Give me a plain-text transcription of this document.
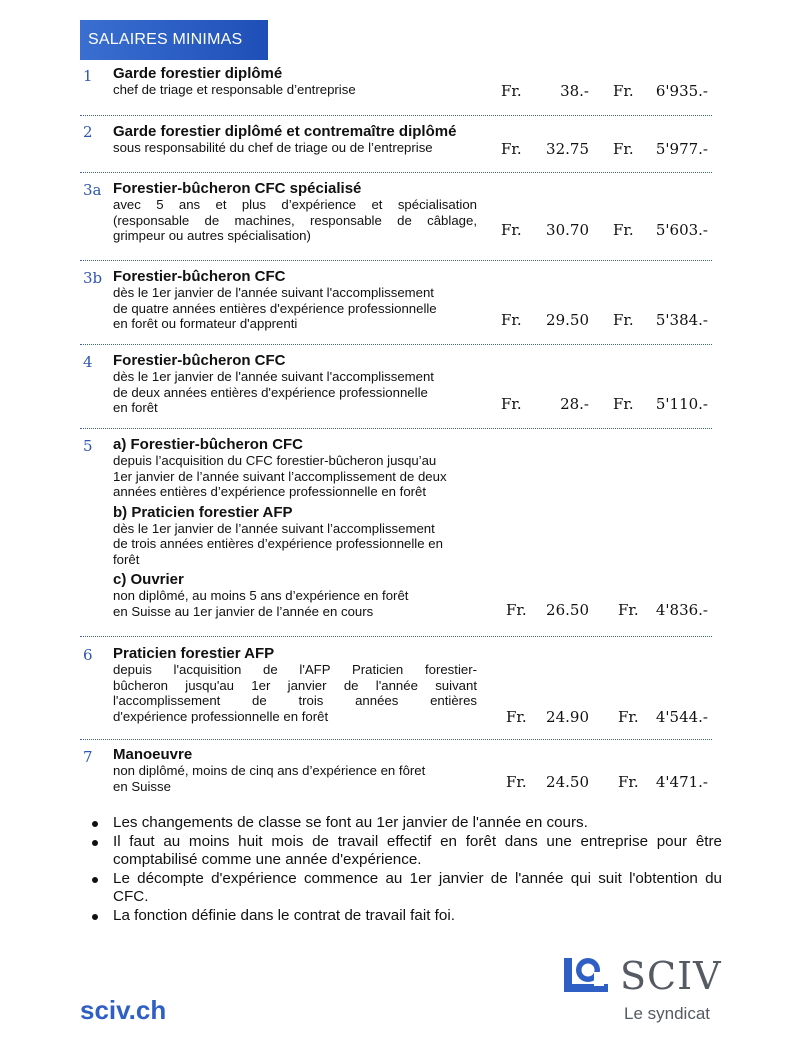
SALAIRES MINIMAS
1	Garde forestier diplômé
chef de triage et responsable d’entreprise	Fr.	38.- Fr. 6'935.-
2	Garde forestier diplômé et contremaître diplômé
sous responsabilité du chef de triage ou de l’entreprise	Fr. 32.75 Fr. 5'977.-
3a Forestier-bûcheron CFC spécialisé
avec 5 ans et plus d’expérience et spécialisation
(responsable de machines, responsable de câblage,
grimpeur ou autres spécialisation)	Fr. 30.70 Fr. 5'603.-
3b Forestier-bûcheron CFC
dès le 1er janvier de l'année suivant l'accomplissement
de quatre années entières d'expérience professionnelle
en forêt ou formateur d'apprenti	Fr. 29.50 Fr. 5'384.-
4	Forestier-bûcheron CFC
dès le 1er janvier de l'année suivant l'accomplissement
de deux années entières d'expérience professionnelle
en forêt	Fr.	28.- Fr. 5'110.-
5	a) Forestier-bûcheron CFC
depuis l’acquisition du CFC forestier-bûcheron jusqu’au
1er janvier de l’année suivant l’accomplissement de deux
années entières d’expérience professionnelle en forêt
b) Praticien forestier AFP
dès le 1er janvier de l’année suivant l’accomplissement
de trois années entières d’expérience professionnelle en
forêt
c) Ouvrier
non diplômé, au moins 5 ans d’expérience en forêt
en Suisse au 1er janvier de l’année en cours	Fr. 26.50 Fr. 4'836.-
6	Praticien forestier AFP
depuis l'acquisition de l'AFP Praticien forestier-
bûcheron jusqu'au 1er janvier de l'année suivant
l'accomplissement de trois années entières
d'expérience professionnelle en forêt	Fr. 24.90 Fr. 4'544.-
7	Manoeuvre
non diplômé, moins de cinq ans d’expérience en fôret
en Suisse	Fr. 24.50 Fr. 4'471.-
Les changements de classe se font au 1er janvier de l'année en cours.
Il faut au moins huit mois de travail effectif en forêt dans une entreprise pour être comptabilisé comme une année d'expérience.
Le décompte d'expérience commence au 1er janvier de l'année qui suit l'obtention du CFC.
La fonction définie dans le contrat de travail fait foi.
sciv.ch
SCIV
Le syndicat
